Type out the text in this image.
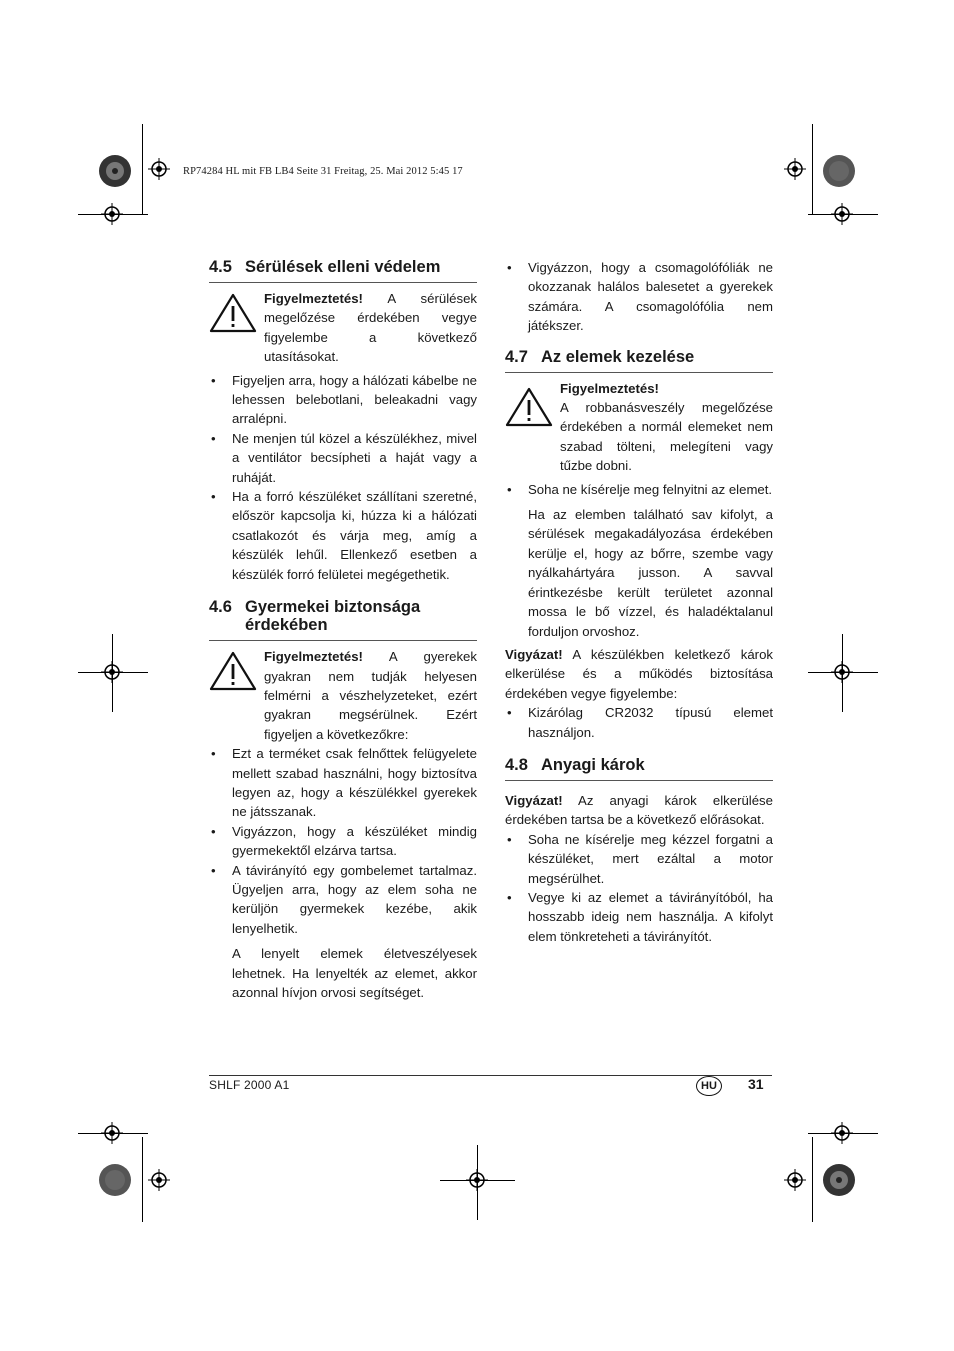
RP74284 HL mit FB LB4 Seite 31 Freitag, 25. Mai 2012 5:45 17
4.5 Sérülések elleni védelem
Figyelmeztetés! A sérülések megelőzése érdekében vegye figyelembe a következő utasításokat.
• Figyeljen arra, hogy a hálózati kábelbe ne lehessen belebotlani, beleakadni vagy arralépni.
• Ne menjen túl közel a készülékhez, mivel a ventilátor becsípheti a haját vagy a ruháját.
• Ha a forró készüléket szállítani szeretné, először kapcsolja ki, húzza ki a hálózati csatlakozót és várja meg, amíg a készülék lehűl. Ellenkező esetben a készülék forró felületei megégethetik.
4.6 Gyermekei biztonsága érdekében
Figyelmeztetés! A gyerekek gyakran nem tudják helyesen felmérni a vészhelyzeteket, ezért gyakran megsérülnek. Ezért figyeljen a következőkre:
• Ezt a terméket csak felnőttek felügyelete mellett szabad használni, hogy biztosítva legyen az, hogy a készülékkel gyerekek ne játsszanak.
• Vigyázzon, hogy a készüléket mindig gyermekektől elzárva tartsa.
• A távirányító egy gombelemet tartalmaz. Ügyeljen arra, hogy az elem soha ne kerüljön gyermekek kezébe, akik lenyelhetik.

A lenyelt elemek életveszélyesek lehetnek. Ha lenyelték az elemet, akkor azonnal hívjon orvosi segítséget.

• Vigyázzon, hogy a csomagolófóliák ne okozzanak halálos balesetet a gyerekek számára. A csomagolófólia nem játékszer.
4.7 Az elemek kezelése
Figyelmeztetés!

A robbanásveszély megelőzése érdekében a normál elemeket nem szabad tölteni, melegíteni vagy tűzbe dobni.

• Soha ne kísérelje meg felnyitni az elemet.

Ha az elemben található sav kifolyt, a sérülések megakadályozása érdekében kerülje el, hogy az bőrre, szembe vagy nyálkahártyára jusson. A savval érintkezésbe került területet azonnal mossa le bő vízzel, és haladéktalanul forduljon orvoshoz.

Vigyázat! A készülékben keletkező károk elkerülése és a működés biztosítása érdekében vegye figyelembe:

• Kizárólag CR2032 típusú elemet használjon.
4.8 Anyagi károk

Vigyázat! Az anyagi károk elkerülése érdekében tartsa be a következő előrásokat.

• Soha ne kísérelje meg kézzel forgatni a készüléket, mert ezáltal a motor megsérülhet.
• Vegye ki az elemet a távirányítóból, ha hosszabb ideig nem használja. A kifolyt elem tönkreteheti a távirányítót.
SHLF 2000 A1	HU	31
